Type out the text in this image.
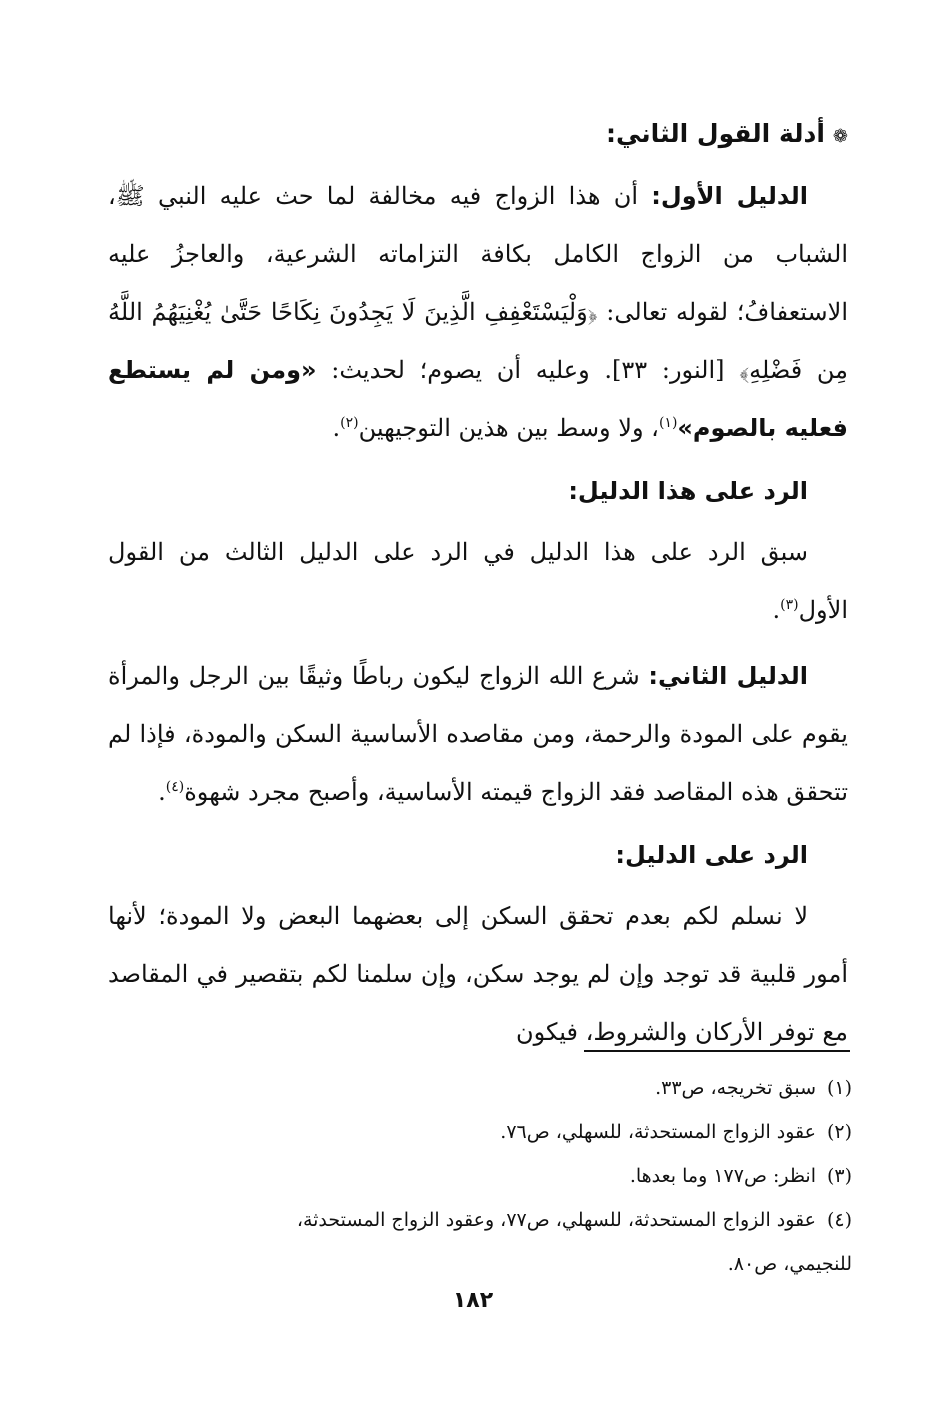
❁أدلة القول الثاني:

الدليل الأول: أن هذا الزواج فيه مخالفة لما حث عليه النبي ﷺ، الشباب من الزواج الكامل بكافة التزاماته الشرعية، والعاجزُ عليه الاستعفافُ؛ لقوله تعالى: ﴿وَلْيَسْتَعْفِفِ الَّذِينَ لَا يَجِدُونَ نِكَاحًا حَتَّىٰ يُغْنِيَهُمُ اللَّهُ مِن فَضْلِهِ﴾ [النور: ٣٣]. وعليه أن يصوم؛ لحديث: «ومن لم يستطع فعليه بالصوم»$^{(١)}$، ولا وسط بين هذين التوجيهين$^{(٢)}$.

الرد على هذا الدليل:

سبق الرد على هذا الدليل في الرد على الدليل الثالث من القول الأول$^{(٣)}$.

الدليل الثاني: شرع الله الزواج ليكون رباطًا وثيقًا بين الرجل والمرأة يقوم على المودة والرحمة، ومن مقاصده الأساسية السكن والمودة، فإذا لم تتحقق هذه المقاصد فقد الزواج قيمته الأساسية، وأصبح مجرد شهوة$^{(٤)}$.

الرد على الدليل:

لا نسلم لكم بعدم تحقق السكن إلى بعضهما البعض ولا المودة؛ لأنها أمور قلبية قد توجد وإن لم يوجد سكن، وإن سلمنا لكم بتقصير في المقاصد مع توفر الأركان والشروط، فيكون

(١)سبق تخريجه، ص٣٣.

(٢)عقود الزواج المستحدثة، للسهلي، ص٧٦.

(٣)انظر: ص١٧٧ وما بعدها.

(٤)عقود الزواج المستحدثة، للسهلي، ص٧٧، وعقود الزواج المستحدثة،

للنجيمي، ص٨٠.

١٨٢
